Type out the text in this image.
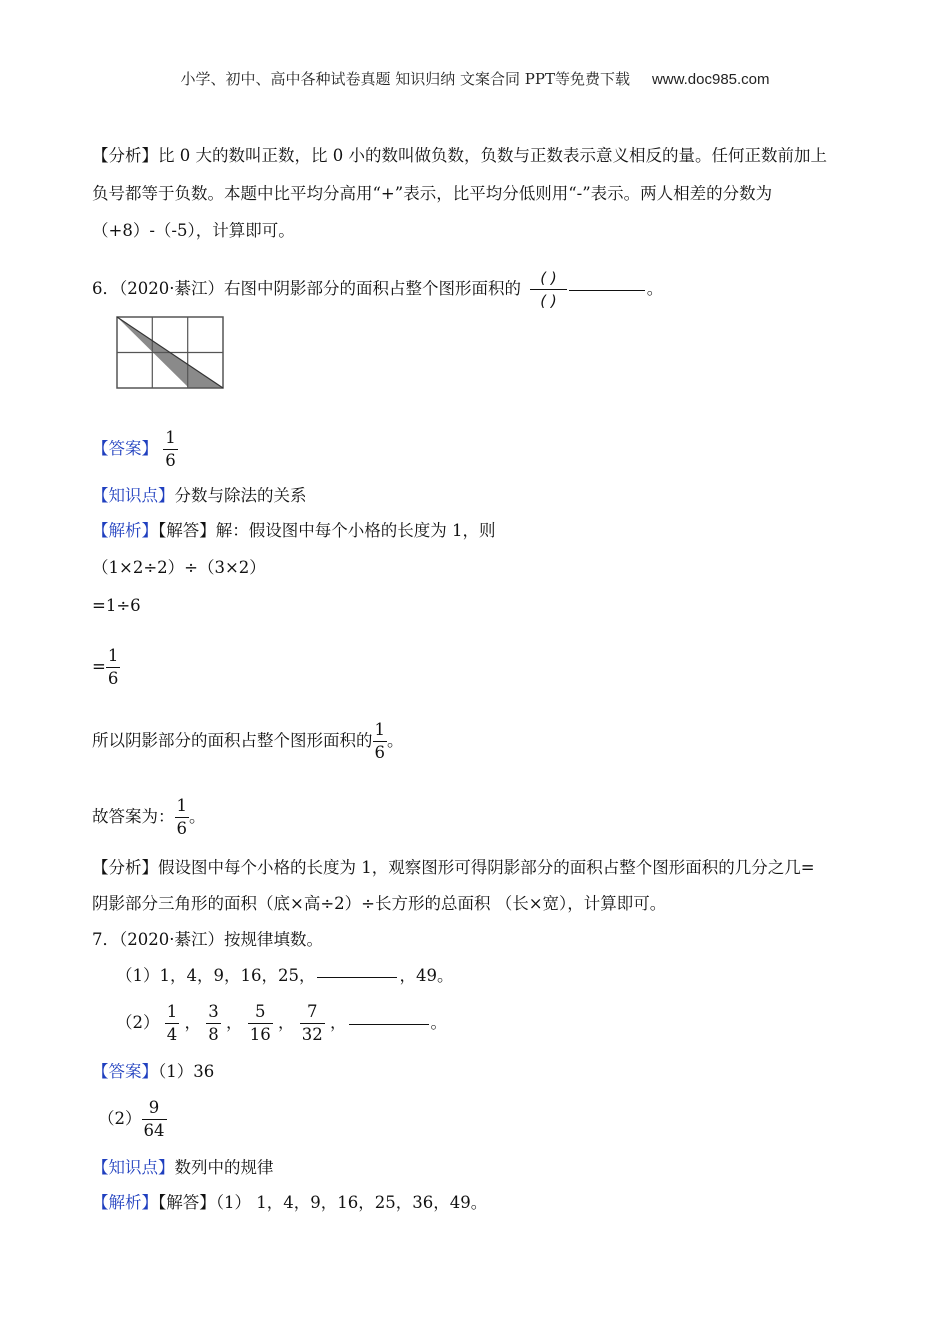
小学、初中、高中各种试卷真题 知识归纳 文案合同 PPT等免费下载 www.doc985.com
【分析】比 0 大的数叫正数，比 0 小的数叫做负数，负数与正数表示意义相反的量。任何正数前加上
负号都等于负数。本题中比平均分高用“+”表示，比平均分低则用“-”表示。两人相差的分数为
（+8）-（-5），计算即可。
6．（2020·綦江）右图中阴影部分的面积占整个图形面积的 $\frac{( )}{( )}$	。
【答案】 $\frac{1}{6}$
【知识点】分数与除法的关系
【解析】【解答】解：假设图中每个小格的长度为 1，则
（1×2÷2）÷（3×2）
=1÷6
= $\frac{1}{6}$
所以阴影部分的面积占整个图形面积的 $\frac{1}{6}$ 。
故答案为： $\frac{1}{6}$ 。
【分析】假设图中每个小格的长度为 1，观察图形可得阴影部分的面积占整个图形面积的几分之几=
阴影部分三角形的面积（底×高÷2）÷长方形的总面积 （长×宽），计算即可。
7．（2020·綦江）按规律填数。
（1）1，4，9，16，25，	，49。
$(2) \frac{1}{4}$ ， $\frac{3}{8}$ ， $\frac{5}{16}$ ， $\frac{7}{32}$ ，	。
【答案】（1）36
$(2) \frac{9}{64}$
【知识点】数列中的规律
【解析】【解答】（1） 1，4，9，16，25，36，49。
